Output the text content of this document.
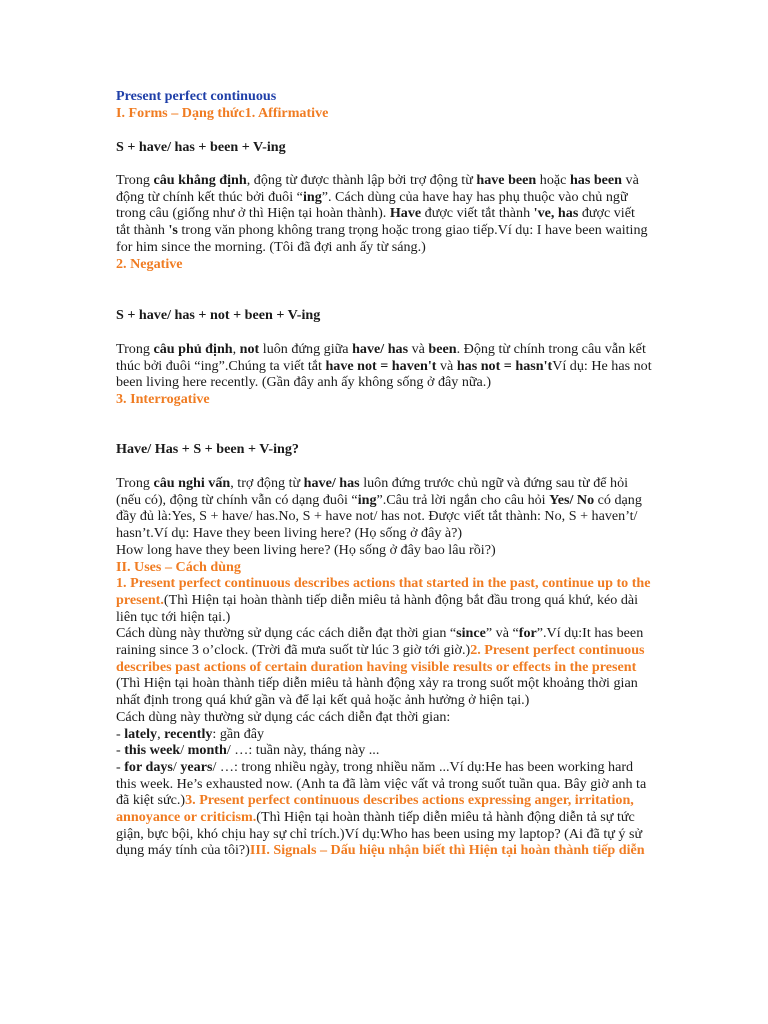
Present perfect continuous
I. Forms – Dạng thức1. Affirmative

S + have/ has + been + V-ing

Trong câu khẳng định, động từ được thành lập bởi trợ động từ have been hoặc has been và động từ chính kết thúc bởi đuôi “ing”. Cách dùng của have hay has phụ thuộc vào chủ ngữ trong câu (giống như ở thì Hiện tại hoàn thành). Have được viết tắt thành 've, has được viết tắt thành 's trong văn phong không trang trọng hoặc trong giao tiếp.Ví dụ: I have been waiting for him since the morning. (Tôi đã đợi anh ấy từ sáng.)
2. Negative

S + have/ has + not + been + V-ing

Trong câu phủ định, not luôn đứng giữa have/ has và been. Động từ chính trong câu vẫn kết thúc bởi đuôi “ing”.Chúng ta viết tắt have not = haven't và has not = hasn'tVí dụ: He has not been living here recently. (Gần đây anh ấy không sống ở đây nữa.)
3. Interrogative

Have/ Has + S + been + V-ing?

Trong câu nghi vấn, trợ động từ have/ has luôn đứng trước chủ ngữ và đứng sau từ để hỏi (nếu có), động từ chính vẫn có dạng đuôi “ing”.Câu trả lời ngắn cho câu hỏi Yes/ No có dạng đầy đủ là:Yes, S + have/ has.No, S + have not/ has not. Được viết tắt thành: No, S + haven’t/ hasn’t.Ví dụ: Have they been living here? (Họ sống ở đây à?)
How long have they been living here? (Họ sống ở đây bao lâu rồi?)
II. Uses – Cách dùng
1. Present perfect continuous describes actions that started in the past, continue up to the present.(Thì Hiện tại hoàn thành tiếp diễn miêu tả hành động bắt đầu trong quá khứ, kéo dài liên tục tới hiện tại.)
Cách dùng này thường sử dụng các cách diễn đạt thời gian “since” và “for”.Ví dụ:It has been raining since 3 o’clock. (Trời đã mưa suốt từ lúc 3 giờ tới giờ.)2. Present perfect continuous describes past actions of certain duration having visible results or effects in the present
(Thì Hiện tại hoàn thành tiếp diễn miêu tả hành động xảy ra trong suốt một khoảng thời gian nhất định trong quá khứ gần và để lại kết quả hoặc ảnh hưởng ở hiện tại.)
Cách dùng này thường sử dụng các cách diễn đạt thời gian:
- lately, recently: gần đây
- this week/ month/ …: tuần này, tháng này ...
- for days/ years/ …: trong nhiều ngày, trong nhiều năm ...Ví dụ:He has been working hard this week. He’s exhausted now. (Anh ta đã làm việc vất vả trong suốt tuần qua. Bây giờ anh ta đã kiệt sức.)3. Present perfect continuous describes actions expressing anger, irritation, annoyance or criticism.(Thì Hiện tại hoàn thành tiếp diễn miêu tả hành động diễn tả sự tức giận, bực bội, khó chịu hay sự chỉ trích.)Ví dụ:Who has been using my laptop? (Ai đã tự ý sử dụng máy tính của tôi?)III. Signals – Dấu hiệu nhận biết thì Hiện tại hoàn thành tiếp diễn
